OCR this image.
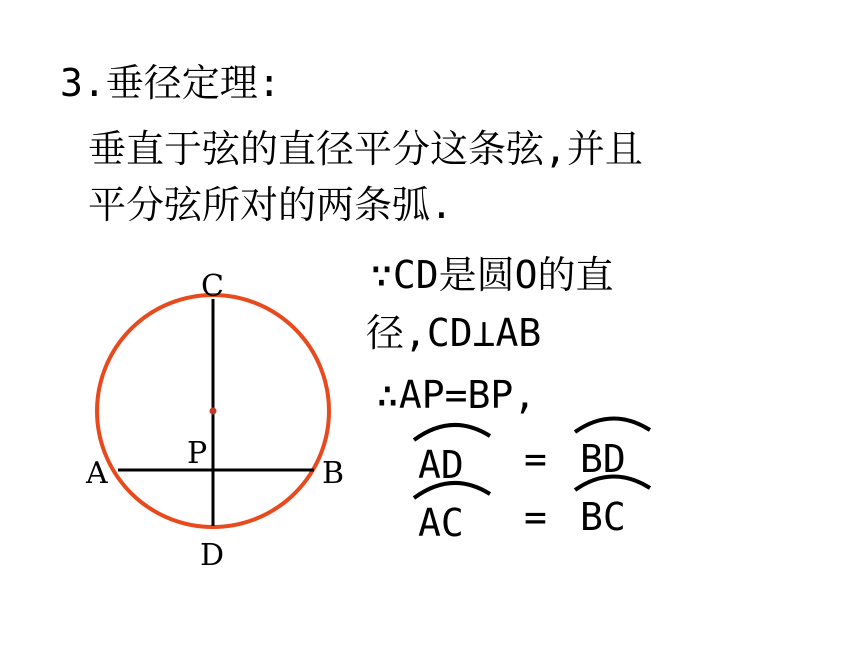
3.垂径定理:
垂直于弦的直径平分这条弦,并且
平分弦所对的两条弧.
C
A	B
D
P
∵CD是圆O的直
径,CD⊥AB
∴AP=BP,
AD = BD
AC = BC
